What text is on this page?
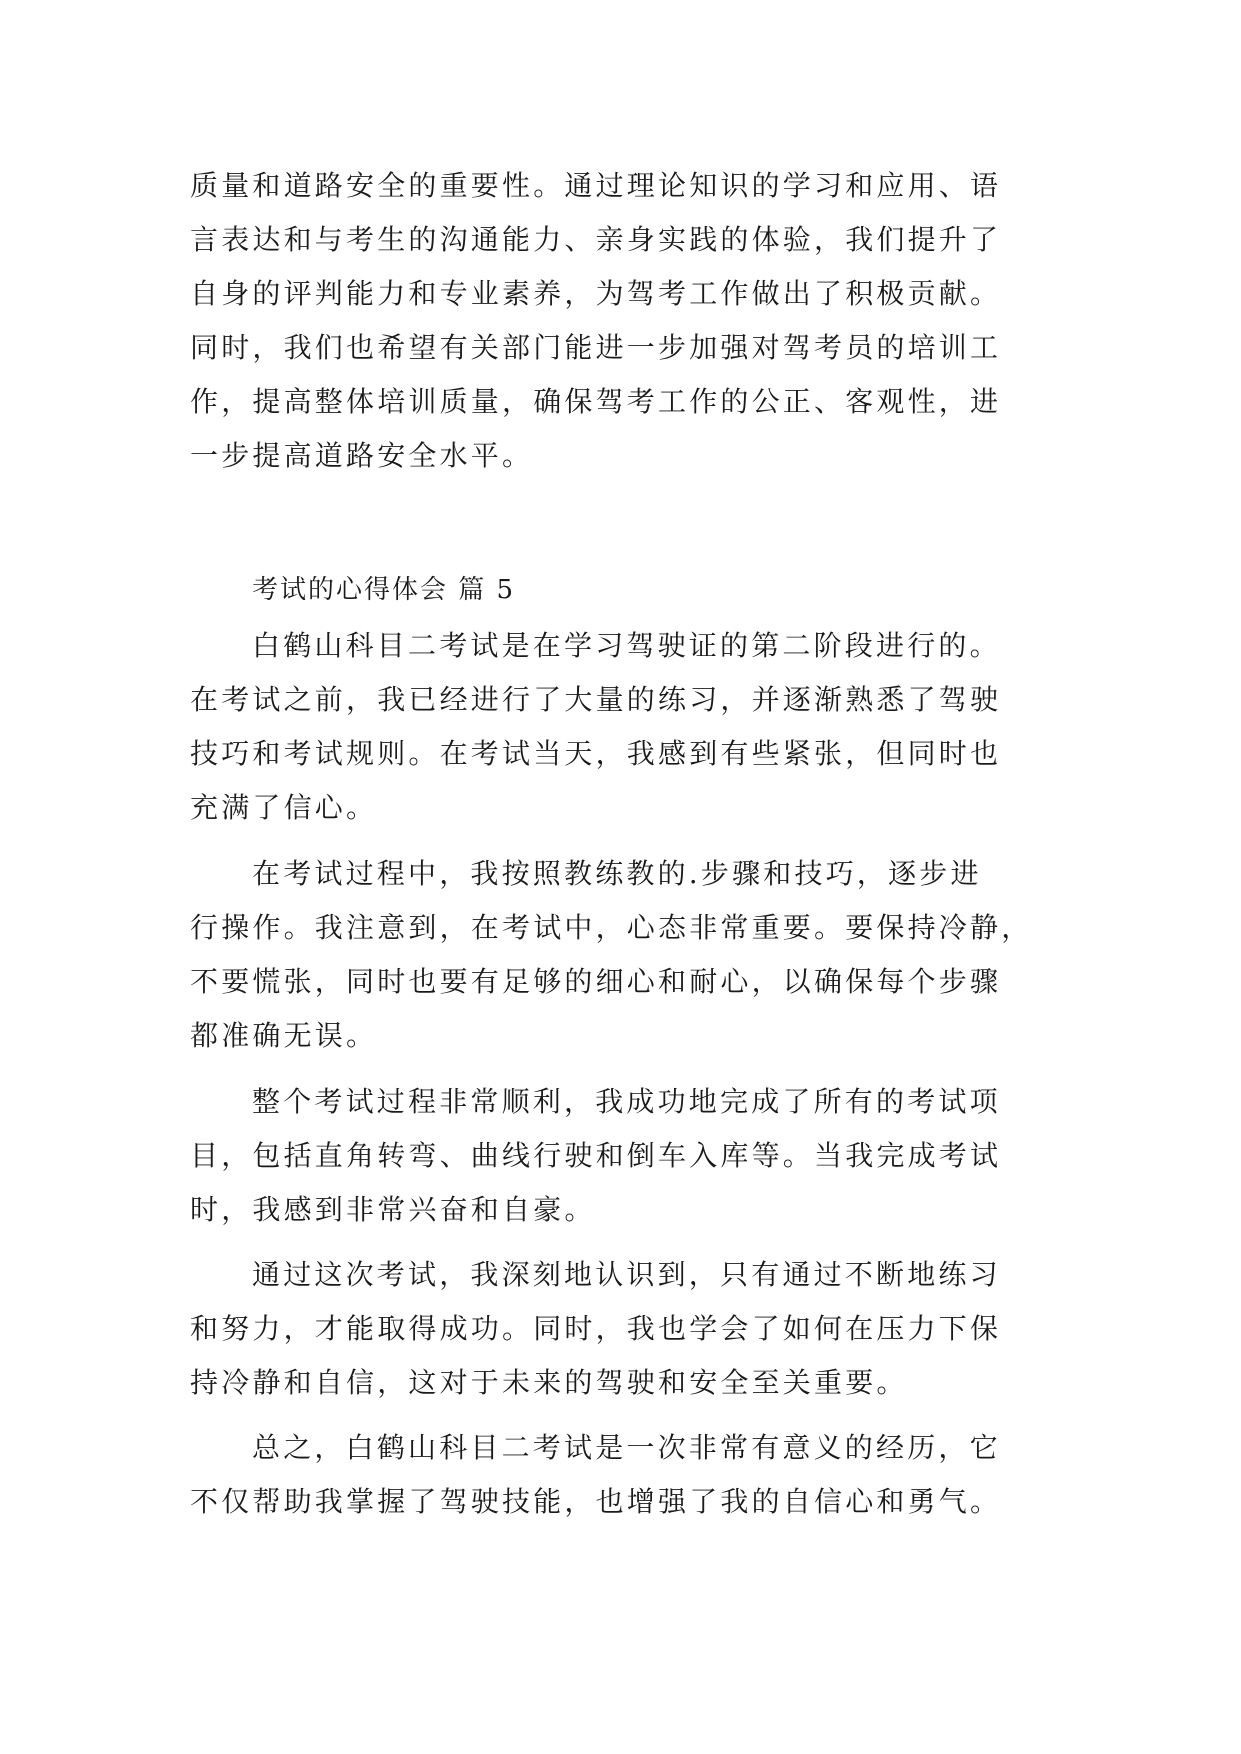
质量和道路安全的重要性。通过理论知识的学习和应用、语
言表达和与考生的沟通能力、亲身实践的体验，我们提升了
自身的评判能力和专业素养，为驾考工作做出了积极贡献。
同时，我们也希望有关部门能进一步加强对驾考员的培训工
作，提高整体培训质量，确保驾考工作的公正、客观性，进
一步提高道路安全水平。
考试的心得体会 篇 5
白鹤山科目二考试是在学习驾驶证的第二阶段进行的。
在考试之前，我已经进行了大量的练习，并逐渐熟悉了驾驶
技巧和考试规则。在考试当天，我感到有些紧张，但同时也
充满了信心。
在考试过程中，我按照教练教的.步骤和技巧，逐步进
行操作。我注意到，在考试中，心态非常重要。要保持冷静，
不要慌张，同时也要有足够的细心和耐心，以确保每个步骤
都准确无误。
整个考试过程非常顺利，我成功地完成了所有的考试项
目，包括直角转弯、曲线行驶和倒车入库等。当我完成考试
时，我感到非常兴奋和自豪。
通过这次考试，我深刻地认识到，只有通过不断地练习
和努力，才能取得成功。同时，我也学会了如何在压力下保
持冷静和自信，这对于未来的驾驶和安全至关重要。
总之，白鹤山科目二考试是一次非常有意义的经历，它
不仅帮助我掌握了驾驶技能，也增强了我的自信心和勇气。
